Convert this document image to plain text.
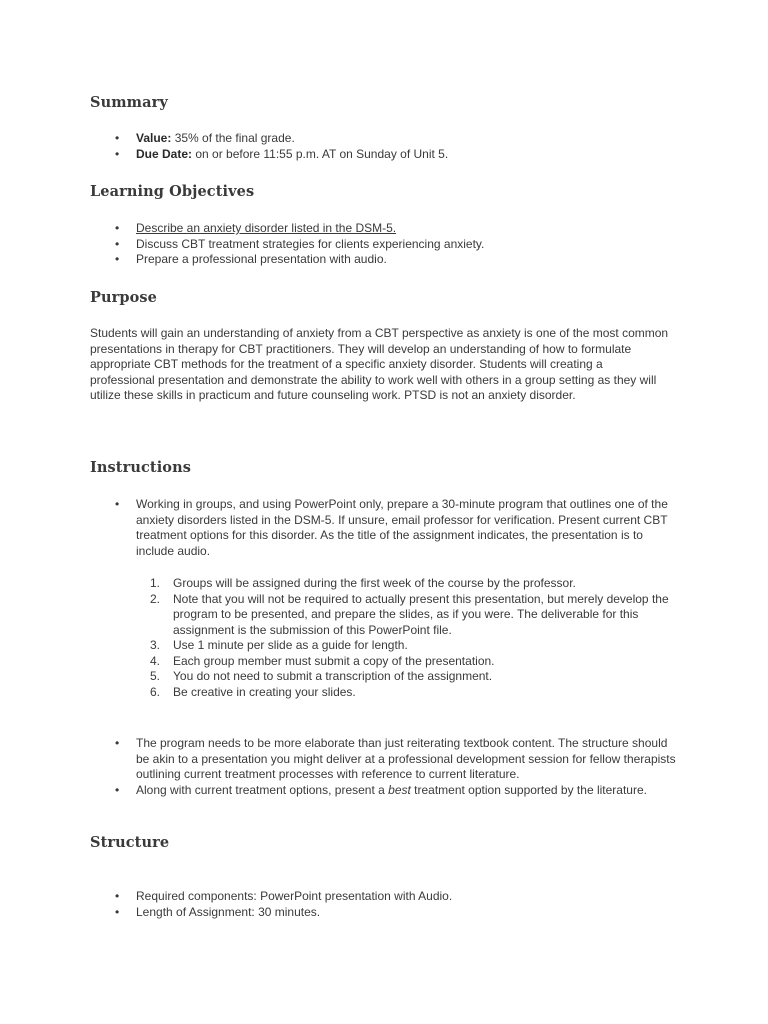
Summary
• Value: 35% of the final grade.
• Due Date: on or before 11:55 p.m. AT on Sunday of Unit 5.
Learning Objectives
• Describe an anxiety disorder listed in the DSM-5.
• Discuss CBT treatment strategies for clients experiencing anxiety.
• Prepare a professional presentation with audio.
Purpose

Students will gain an understanding of anxiety from a CBT perspective as anxiety is one of the most common presentations in therapy for CBT practitioners. They will develop an understanding of how to formulate appropriate CBT methods for the treatment of a specific anxiety disorder. Students will creating a professional presentation and demonstrate the ability to work well with others in a group setting as they will utilize these skills in practicum and future counseling work. PTSD is not an anxiety disorder.

Instructions
• Working in groups, and using PowerPoint only, prepare a 30-minute program that outlines one of the anxiety disorders listed in the DSM-5. If unsure, email professor for verification. Present current CBT treatment options for this disorder. As the title of the assignment indicates, the presentation is to include audio.
1. Groups will be assigned during the first week of the course by the professor.
2. Note that you will not be required to actually present this presentation, but merely develop the program to be presented, and prepare the slides, as if you were. The deliverable for this assignment is the submission of this PowerPoint file.
3. Use 1 minute per slide as a guide for length.
4. Each group member must submit a copy of the presentation.
5. You do not need to submit a transcription of the assignment.
6. Be creative in creating your slides.
• The program needs to be more elaborate than just reiterating textbook content. The structure should be akin to a presentation you might deliver at a professional development session for fellow therapists outlining current treatment processes with reference to current literature.
• Along with current treatment options, present a best treatment option supported by the literature.
Structure
• Required components: PowerPoint presentation with Audio.
• Length of Assignment: 30 minutes.
